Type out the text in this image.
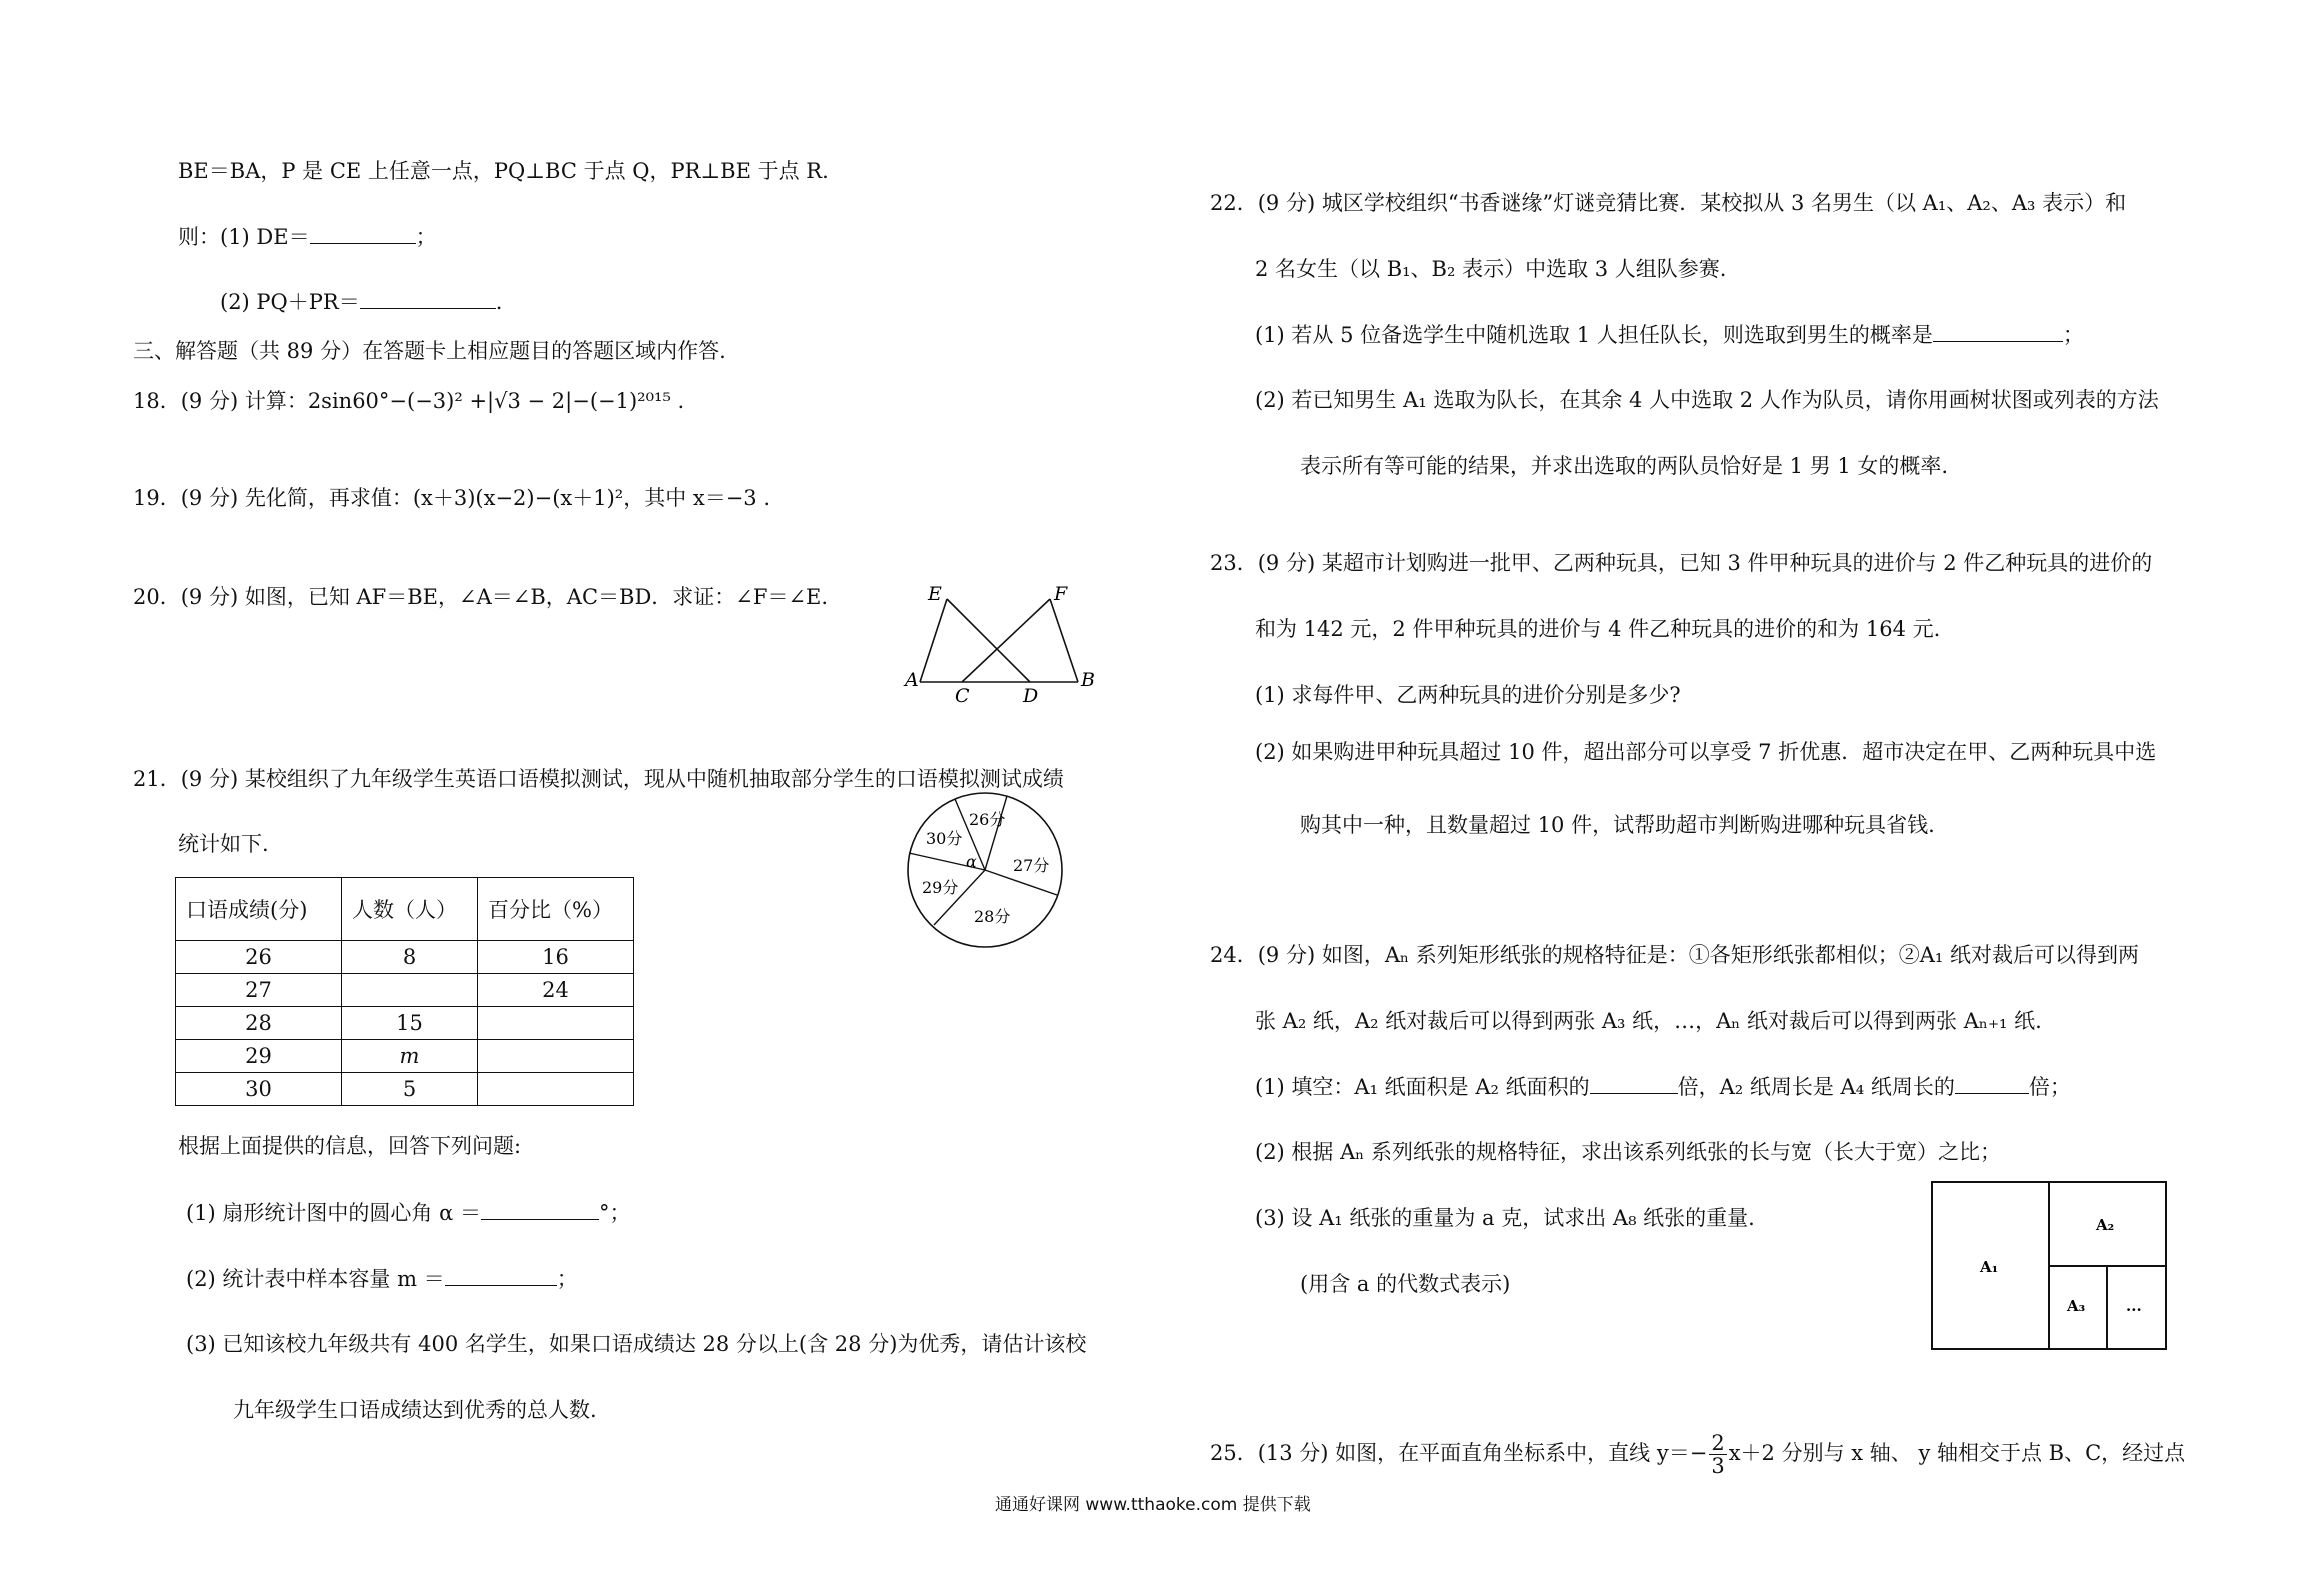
BE＝BA，P 是 CE 上任意一点，PQ⊥BC 于点 Q，PR⊥BE 于点 R.
则：(1) DE＝	；
(2) PQ＋PR＝	.
三、解答题（共 89 分）在答题卡上相应题目的答题区域内作答.
18．(9 分) 计算：2sin60°−(−3)² +|√3 − 2|−(−1)²⁰¹⁵ .
19．(9 分) 先化简，再求值：(x＋3)(x−2)−(x＋1)²，其中 x＝−3 .
20．(9 分) 如图，已知 AF＝BE，∠A＝∠B，AC＝BD．求证：∠F＝∠E.	E	F
A
C	D
B
21．(9 分) 某校组织了九年级学生英语口语模拟测试，现从中随机抽取部分学生的口语模拟测试成绩
统计如下.
26分
30分
27分
29分
28分
α
口语成绩(分)	人数（人）	百分比（%）
26	8	16
27		24
28	15	
29	m	
30	5	
根据上面提供的信息，回答下列问题:
(1) 扇形统计图中的圆心角 α ＝	°；
(2) 统计表中样本容量 m ＝	；
(3) 已知该校九年级共有 400 名学生，如果口语成绩达 28 分以上(含 28 分)为优秀，请估计该校
九年级学生口语成绩达到优秀的总人数.
22．(9 分) 城区学校组织“书香谜缘”灯谜竞猜比赛．某校拟从 3 名男生（以 A₁、A₂、A₃ 表示）和
2 名女生（以 B₁、B₂ 表示）中选取 3 人组队参赛.
(1) 若从 5 位备选学生中随机选取 1 人担任队长，则选取到男生的概率是	；
(2) 若已知男生 A₁ 选取为队长，在其余 4 人中选取 2 人作为队员，请你用画树状图或列表的方法
表示所有等可能的结果，并求出选取的两队员恰好是 1 男 1 女的概率.
23．(9 分) 某超市计划购进一批甲、乙两种玩具，已知 3 件甲种玩具的进价与 2 件乙种玩具的进价的
和为 142 元，2 件甲种玩具的进价与 4 件乙种玩具的进价的和为 164 元.
(1) 求每件甲、乙两种玩具的进价分别是多少?
(2) 如果购进甲种玩具超过 10 件，超出部分可以享受 7 折优惠．超市决定在甲、乙两种玩具中选
购其中一种，且数量超过 10 件，试帮助超市判断购进哪种玩具省钱.
24．(9 分) 如图，Aₙ 系列矩形纸张的规格特征是：①各矩形纸张都相似；②A₁ 纸对裁后可以得到两
张 A₂ 纸，A₂ 纸对裁后可以得到两张 A₃ 纸，…，Aₙ 纸对裁后可以得到两张 Aₙ₊₁ 纸.
(1) 填空：A₁ 纸面积是 A₂ 纸面积的	倍，A₂ 纸周长是 A₄ 纸周长的	倍；
(2) 根据 Aₙ 系列纸张的规格特征，求出该系列纸张的长与宽（长大于宽）之比；
(3) 设 A₁ 纸张的重量为 a 克，试求出 A₈ 纸张的重量.
(用含 a 的代数式表示)
A₁
A₂
A₃	...
25．(13 分) 如图，在平面直角坐标系中，直线 $y=- \frac{2}{3} x+2$ 分别与 x 轴、 y 轴相交于点 B、C，经过点
通通好课网 www.tthaoke.com 提供下载
